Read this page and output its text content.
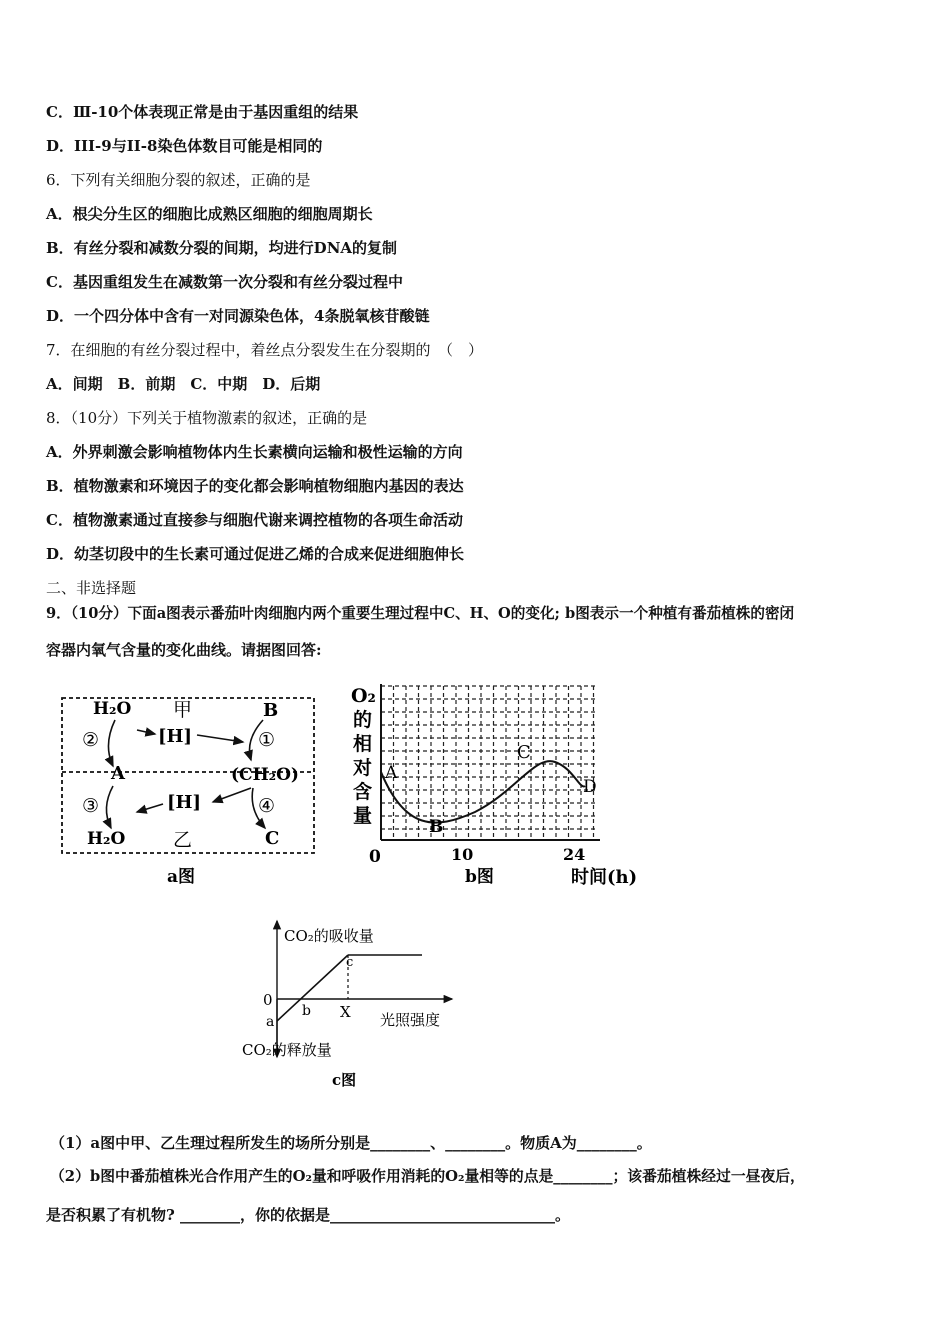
C．Ⅲ-10个体表现正常是由于基因重组的结果
D．III-9与II-8染色体数目可能是相同的
6．下列有关细胞分裂的叙述，正确的是
A．根尖分生区的细胞比成熟区细胞的细胞周期长
B．有丝分裂和减数分裂的间期，均进行DNA的复制
C．基因重组发生在减数第一次分裂和有丝分裂过程中
D．一个四分体中含有一对同源染色体，4条脱氧核苷酸链
7．在细胞的有丝分裂过程中，着丝点分裂发生在分裂期的　（　）
A．间期　B．前期　C．中期　D．后期
8．（10分）下列关于植物激素的叙述，正确的是
A．外界刺激会影响植物体内生长素横向运输和极性运输的方向
B．植物激素和环境因子的变化都会影响植物细胞内基因的表达
C．植物激素通过直接参与细胞代谢来调控植物的各项生命活动
D．幼茎切段中的生长素可通过促进乙烯的合成来促进细胞伸长
二、非选择题
9．（10分）下面a图表示番茄叶肉细胞内两个重要生理过程中C、H、O的变化; b图表示一个种植有番茄植株的密闭
容器内氧气含量的变化曲线。请据图回答:
H₂O 甲	B
②	[H]	①
A	(CH₂O)
③	[H]	④
H₂O	乙	C
a图
O₂
的
相
对
含
量
A
B
C
D
0	10	24
b图	时间(h)
CO₂的吸收量
0
a
b
c
X 光照强度
CO₂的释放量
c图
（1）a图中甲、乙生理过程所发生的场所分别是________、________。物质A为________。
（2）b图中番茄植株光合作用产生的O₂量和呼吸作用消耗的O₂量相等的点是________；该番茄植株经过一昼夜后，
是否积累了有机物? ________，你的依据是______________________________。
